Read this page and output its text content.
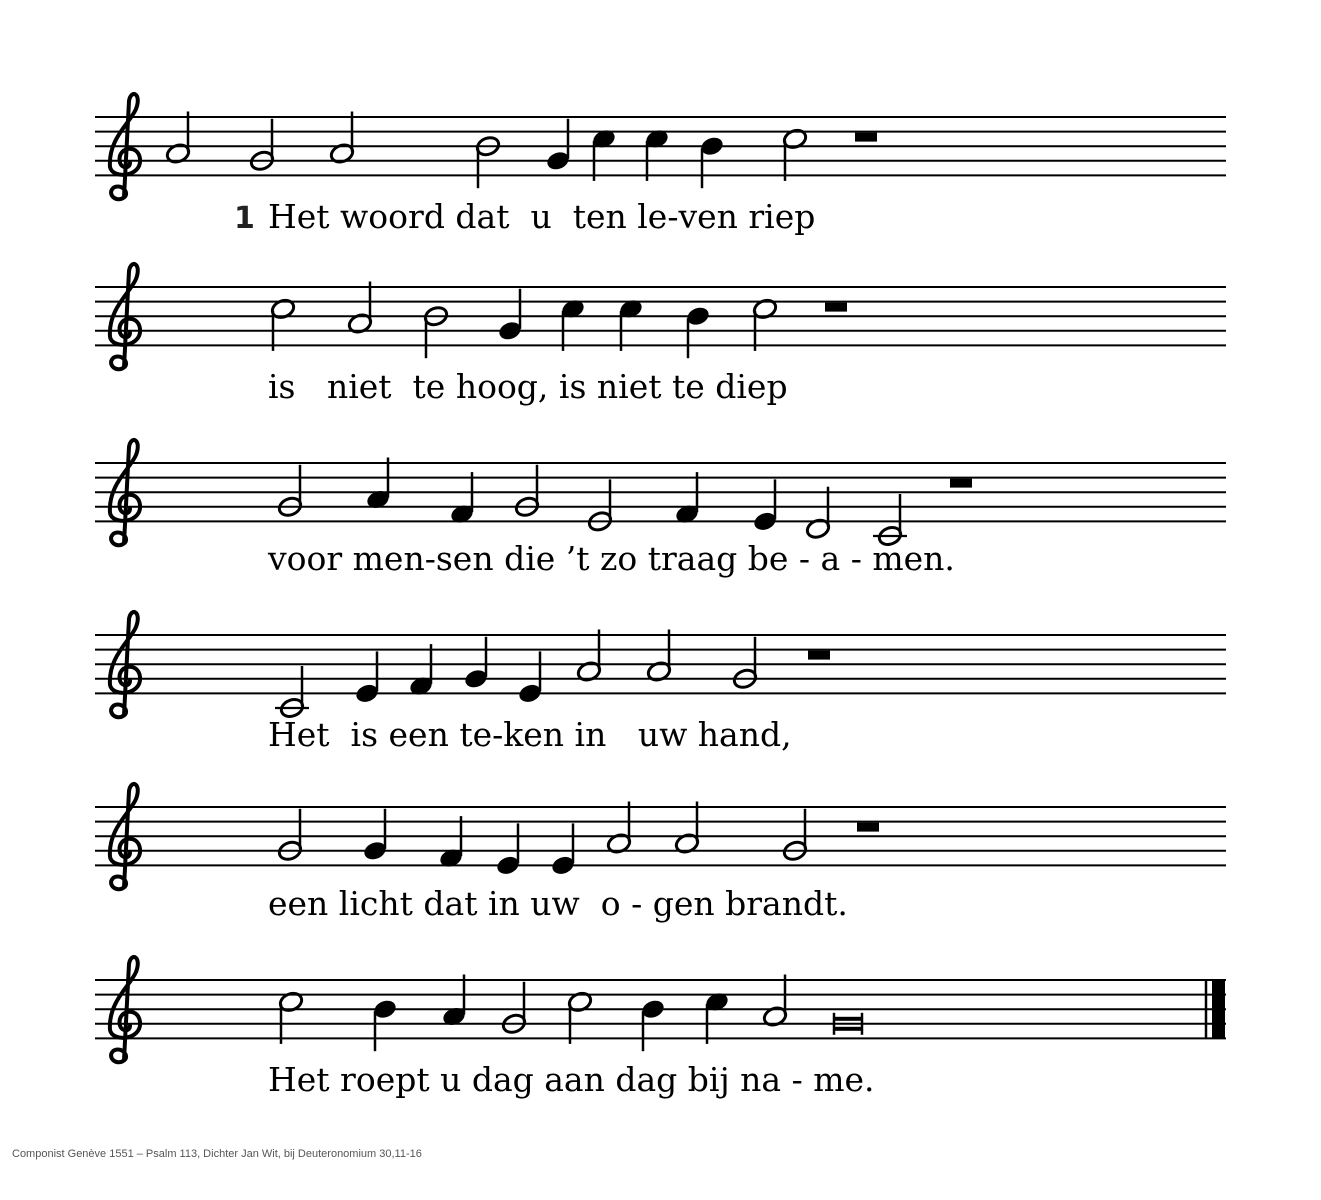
1 Het woord dat  u  ten le-ven riep
is   niet  te hoog, is niet te diep
voor men-sen die ’t zo traag be - a - men.
Het  is een te-ken in   uw hand,
een licht dat in uw  o - gen brandt.
Het roept u dag aan dag bij na - me.
Componist Genève 1551 – Psalm 113, Dichter Jan Wit, bij Deuteronomium 30,11-16
